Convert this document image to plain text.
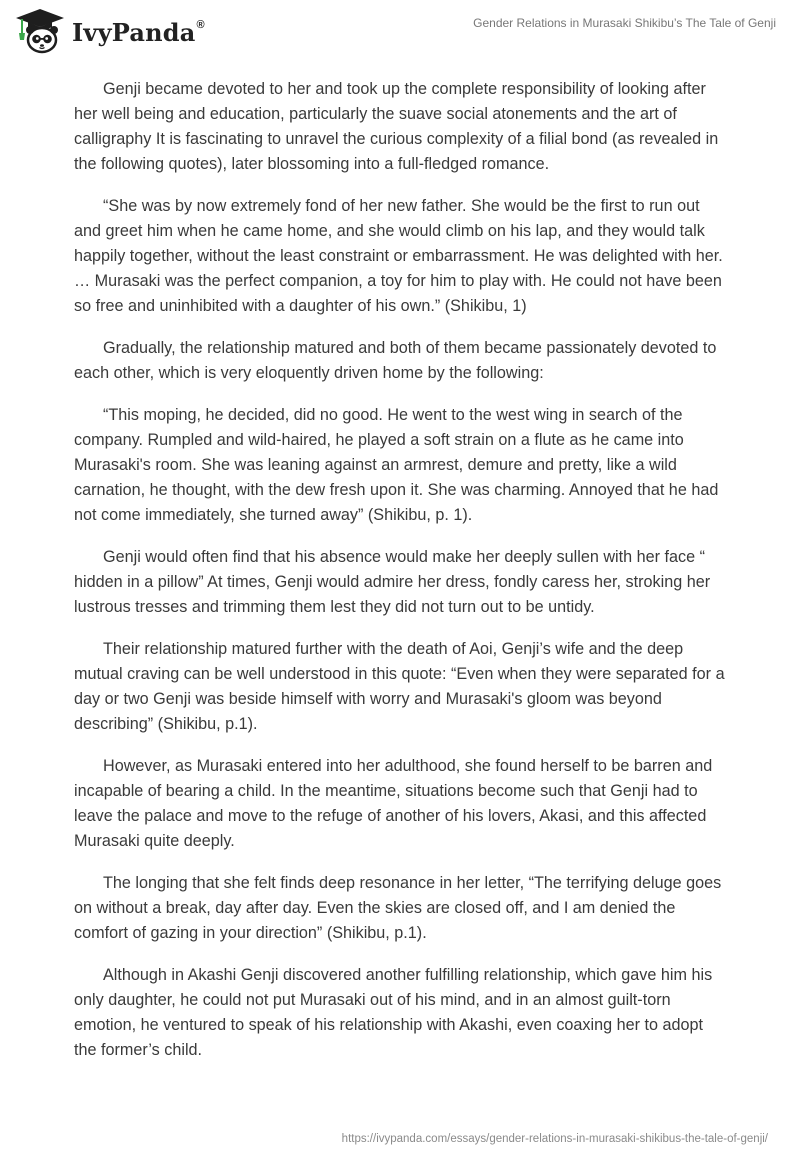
IvyPanda®	Gender Relations in Murasaki Shikibu’s The Tale of Genji

Genji became devoted to her and took up the complete responsibility of looking after her well being and education, particularly the suave social atonements and the art of calligraphy It is fascinating to unravel the curious complexity of a filial bond (as revealed in the following quotes), later blossoming into a full-fledged romance.

“She was by now extremely fond of her new father. She would be the first to run out and greet him when he came home, and she would climb on his lap, and they would talk happily together, without the least constraint or embarrassment. He was delighted with her. … Murasaki was the perfect companion, a toy for him to play with. He could not have been so free and uninhibited with a daughter of his own.” (Shikibu, 1)

Gradually, the relationship matured and both of them became passionately devoted to each other, which is very eloquently driven home by the following:

“This moping, he decided, did no good. He went to the west wing in search of the company. Rumpled and wild-haired, he played a soft strain on a flute as he came into Murasaki's room. She was leaning against an armrest, demure and pretty, like a wild carnation, he thought, with the dew fresh upon it. She was charming. Annoyed that he had not come immediately, she turned away” (Shikibu, p. 1).

Genji would often find that his absence would make her deeply sullen with her face “ hidden in a pillow” At times, Genji would admire her dress, fondly caress her, stroking her lustrous tresses and trimming them lest they did not turn out to be untidy.

Their relationship matured further with the death of Aoi, Genji’s wife and the deep mutual craving can be well understood in this quote: “Even when they were separated for a day or two Genji was beside himself with worry and Murasaki's gloom was beyond describing” (Shikibu, p.1).

However, as Murasaki entered into her adulthood, she found herself to be barren and incapable of bearing a child. In the meantime, situations become such that Genji had to leave the palace and move to the refuge of another of his lovers, Akasi, and this affected Murasaki quite deeply.

The longing that she felt finds deep resonance in her letter, “The terrifying deluge goes on without a break, day after day. Even the skies are closed off, and I am denied the comfort of gazing in your direction” (Shikibu, p.1).

Although in Akashi Genji discovered another fulfilling relationship, which gave him his only daughter, he could not put Murasaki out of his mind, and in an almost guilt-torn emotion, he ventured to speak of his relationship with Akashi, even coaxing her to adopt the former’s child.

https://ivypanda.com/essays/gender-relations-in-murasaki-shikibus-the-tale-of-genji/
